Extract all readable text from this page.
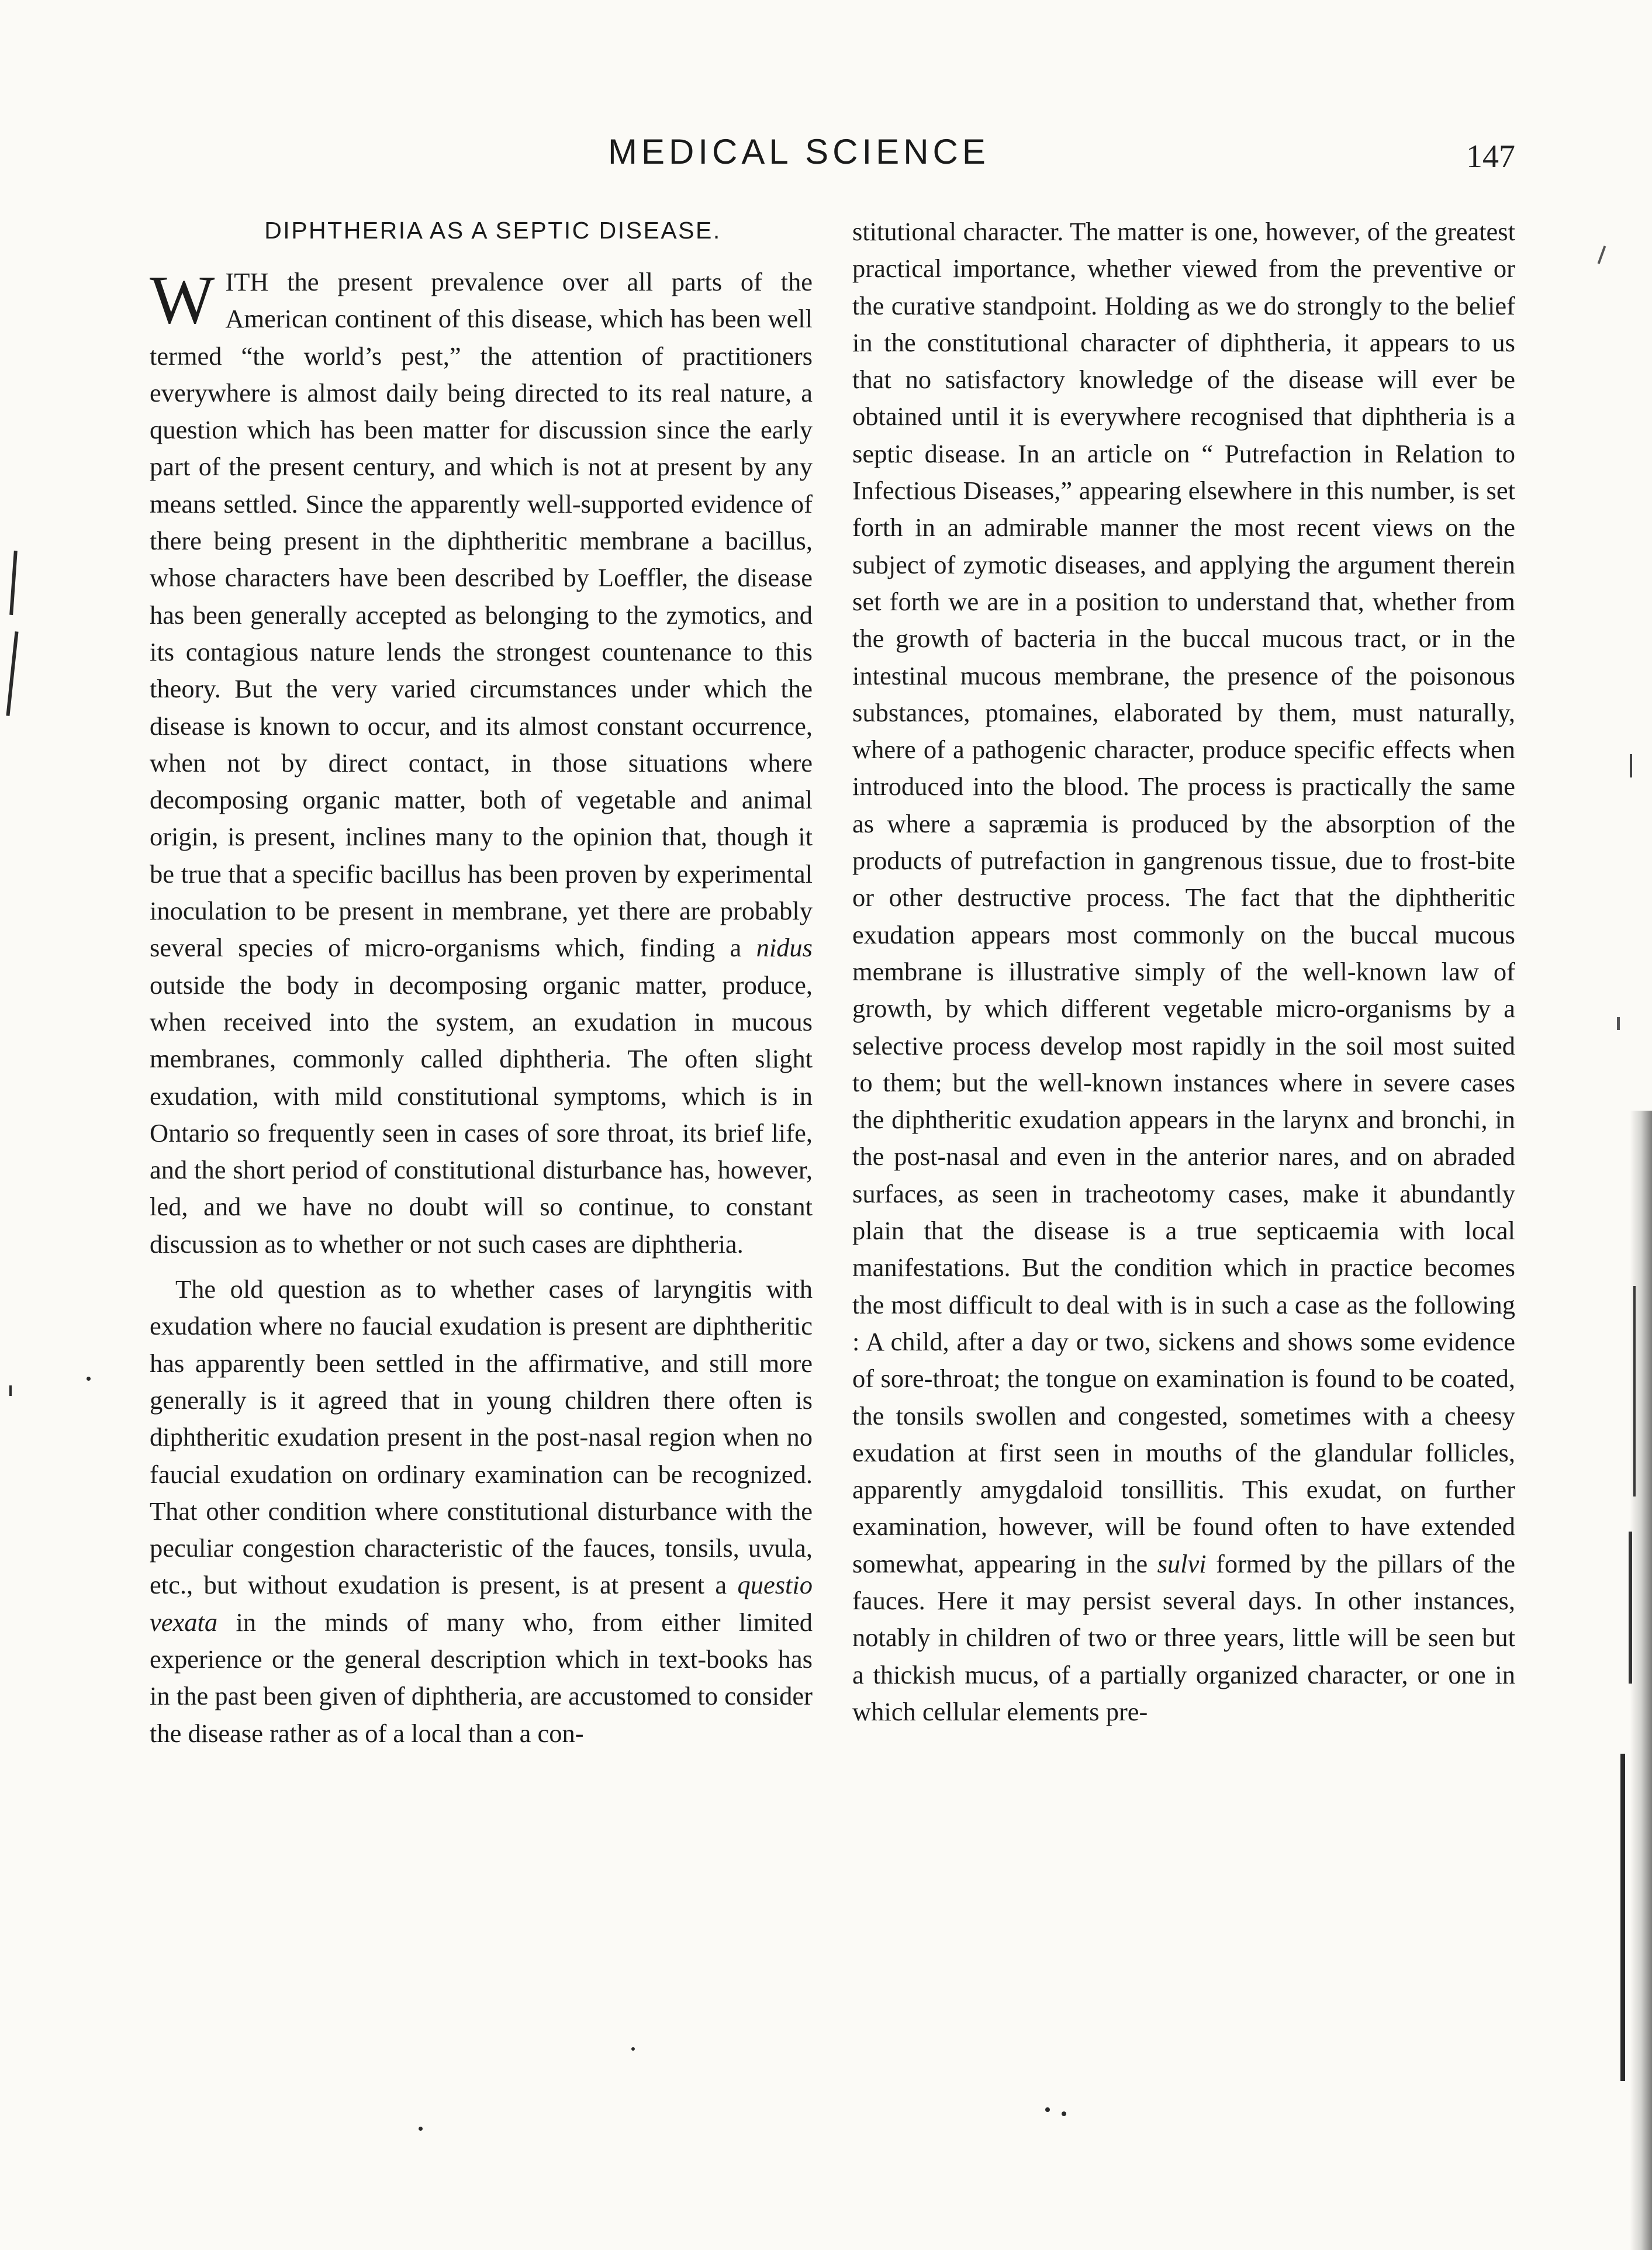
MEDICAL SCIENCE	147
DIPHTHERIA AS A SEPTIC DISEASE.

WITH the present prevalence over all parts of the American continent of this disease, which has been well termed “the world’s pest,” the attention of practitioners everywhere is almost daily being directed to its real nature, a question which has been matter for discussion since the early part of the present century, and which is not at present by any means settled. Since the apparently well-supported evidence of there being present in the diphtheritic membrane a bacillus, whose characters have been described by Loeffler, the disease has been generally accepted as belonging to the zymotics, and its contagious nature lends the strongest countenance to this theory. But the very varied circumstances under which the disease is known to occur, and its almost constant occurrence, when not by direct contact, in those situations where decomposing organic matter, both of vegetable and animal origin, is present, inclines many to the opinion that, though it be true that a specific bacillus has been proven by experimental inoculation to be present in membrane, yet there are probably several species of micro-organisms which, finding a nidus outside the body in decomposing organic matter, produce, when received into the system, an exudation in mucous membranes, commonly called diphtheria. The often slight exudation, with mild constitutional symptoms, which is in Ontario so frequently seen in cases of sore throat, its brief life, and the short period of constitutional disturbance has, however, led, and we have no doubt will so continue, to constant discussion as to whether or not such cases are diphtheria.

The old question as to whether cases of laryngitis with exudation where no faucial exudation is present are diphtheritic has apparently been settled in the affirmative, and still more generally is it agreed that in young children there often is diphtheritic exudation present in the post-nasal region when no faucial exudation on ordinary examination can be recognized. That other condition where constitutional disturbance with the peculiar congestion characteristic of the fauces, tonsils, uvula, etc., but without exudation is present, is at present a questio vexata in the minds of many who, from either limited experience or the general description which in text-books has in the past been given of diphtheria, are accustomed to consider the disease rather as of a local than a con-

stitutional character. The matter is one, however, of the greatest practical importance, whether viewed from the preventive or the curative standpoint. Holding as we do strongly to the belief in the constitutional character of diphtheria, it appears to us that no satisfactory knowledge of the disease will ever be obtained until it is everywhere recognised that diphtheria is a septic disease. In an article on “ Putrefaction in Relation to Infectious Diseases,” appearing elsewhere in this number, is set forth in an admirable manner the most recent views on the subject of zymotic diseases, and applying the argument therein set forth we are in a position to understand that, whether from the growth of bacteria in the buccal mucous tract, or in the intestinal mucous membrane, the presence of the poisonous substances, ptomaines, elaborated by them, must naturally, where of a pathogenic character, produce specific effects when introduced into the blood. The process is practically the same as where a sapræmia is produced by the absorption of the products of putrefaction in gangrenous tissue, due to frost-bite or other destructive process. The fact that the diphtheritic exudation appears most commonly on the buccal mucous membrane is illustrative simply of the well-known law of growth, by which different vegetable micro-organisms by a selective process develop most rapidly in the soil most suited to them; but the well-known instances where in severe cases the diphtheritic exudation appears in the larynx and bronchi, in the post-nasal and even in the anterior nares, and on abraded surfaces, as seen in tracheotomy cases, make it abundantly plain that the disease is a true septicaemia with local manifestations. But the condition which in practice becomes the most difficult to deal with is in such a case as the following : A child, after a day or two, sickens and shows some evidence of sore-throat; the tongue on examination is found to be coated, the tonsils swollen and congested, sometimes with a cheesy exudation at first seen in mouths of the glandular follicles, apparently amygdaloid tonsillitis. This exudat, on further examination, however, will be found often to have extended somewhat, appearing in the sulvi formed by the pillars of the fauces. Here it may persist several days. In other instances, notably in children of two or three years, little will be seen but a thickish mucus, of a partially organized character, or one in which cellular elements pre-
